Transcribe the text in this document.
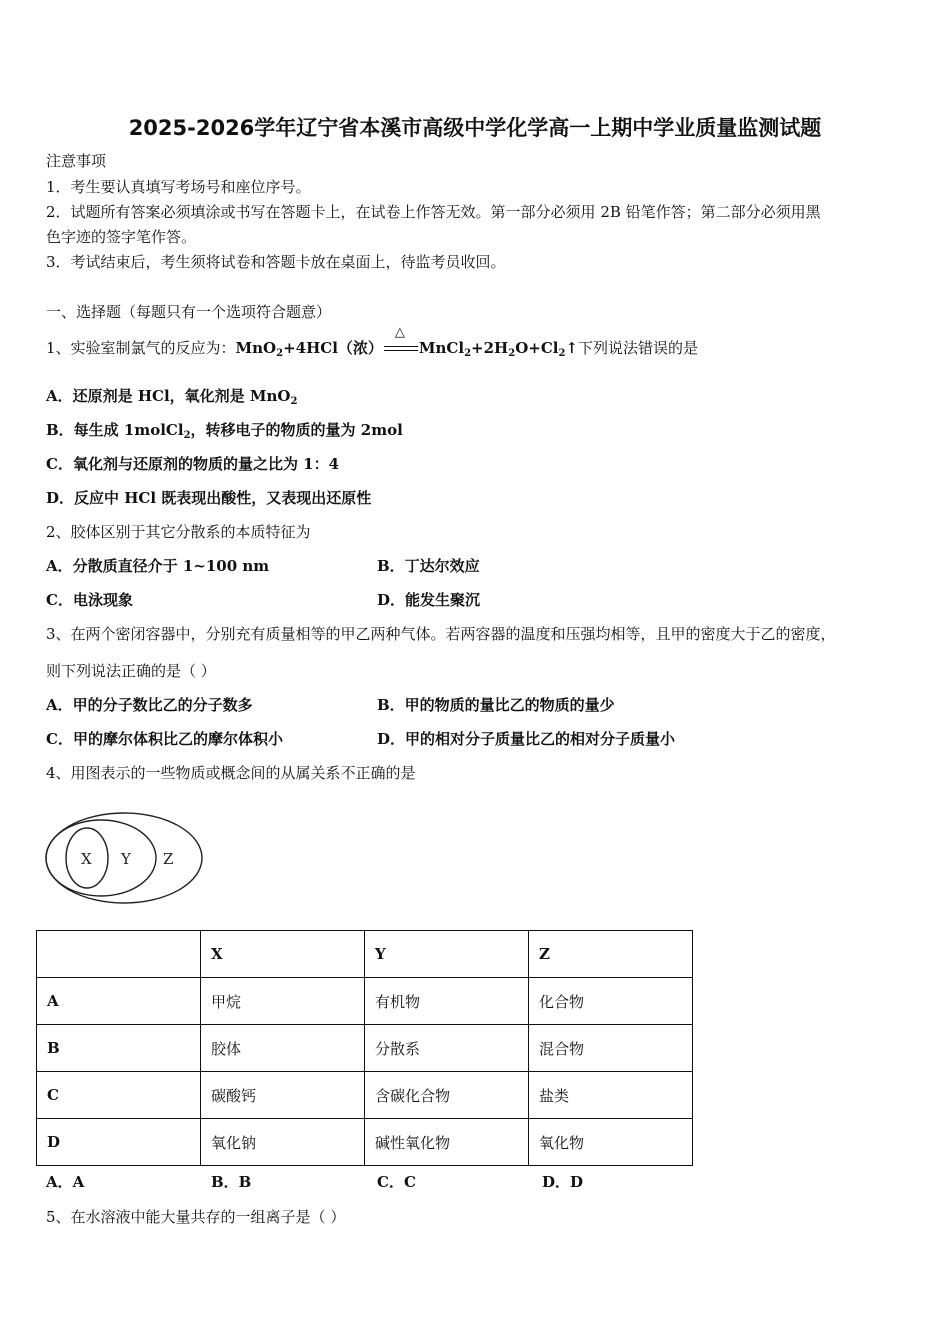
2025-2026学年辽宁省本溪市高级中学化学高一上期中学业质量监测试题
注意事项
1．考生要认真填写考场号和座位序号。
2．试题所有答案必须填涂或书写在答题卡上，在试卷上作答无效。第一部分必须用 2B 铅笔作答；第二部分必须用黑
色字迹的签字笔作答。
3．考试结束后，考生须将试卷和答题卡放在桌面上，待监考员收回。
一、选择题（每题只有一个选项符合题意）
1、实验室制氯气的反应为：MnO$_2$+4HCl（浓）
△
$MnCl_2+2H_2O+Cl_2↑$下列说法错误的是
A．还原剂是 HCl，氧化剂是 MnO$_2$
B．每生成 1molCl$_2$，转移电子的物质的量为 2mol
C．氧化剂与还原剂的物质的量之比为 1：4
D．反应中 HCl 既表现出酸性，又表现出还原性
2、胶体区别于其它分散系的本质特征为
A．分散质直径介于 1~100 nm	B．丁达尔效应
C．电泳现象	D．能发生聚沉
3、在两个密闭容器中，分别充有质量相等的甲乙两种气体。若两容器的温度和压强均相等，且甲的密度大于乙的密度，
则下列说法正确的是（ ）
A．甲的分子数比乙的分子数多	B．甲的物质的量比乙的物质的量少
C．甲的摩尔体积比乙的摩尔体积小	D．甲的相对分子质量比乙的相对分子质量小
4、用图表示的一些物质或概念间的从属关系不正确的是
X Y Z
	X	Y	Z
A	甲烷	有机物	化合物
B	胶体	分散系	混合物
C	碳酸钙	含碳化合物	盐类
D	氧化钠	碱性氧化物	氧化物
A．A	B．B	C．C	D．D
5、在水溶液中能大量共存的一组离子是（ ）
